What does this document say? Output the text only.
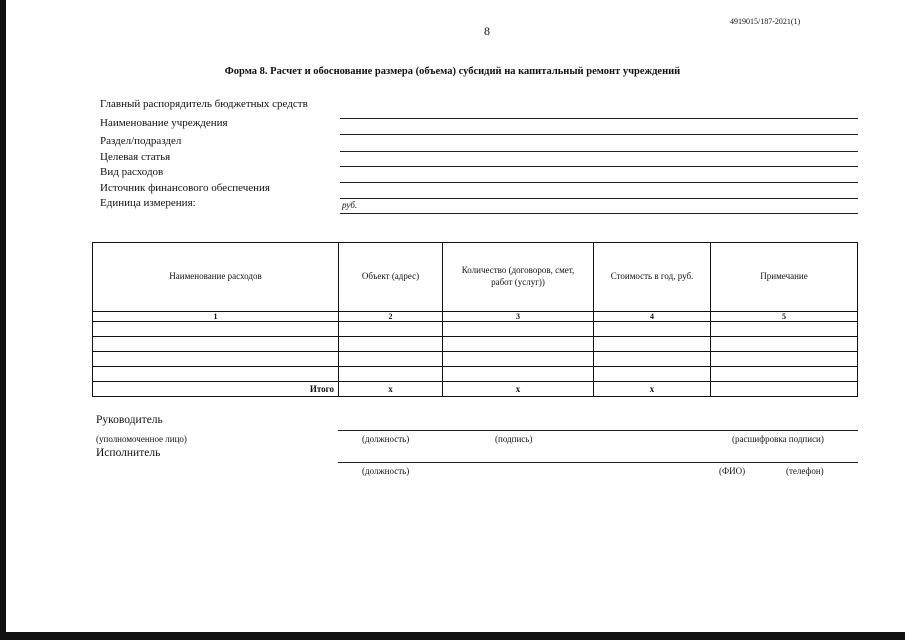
8
4919015/187-2021(1)
Форма 8. Расчет и обоснование размера (объема) субсидий на капитальный ремонт учреждений
Главный распорядитель бюджетных средств
Наименование учреждения
Раздел/подраздел
Целевая статья
Вид расходов
Источник финансового обеспечения
Единица измерения:	руб.
Наименование расходов	Объект (адрес)	Количество (договоров, смет, работ (услуг))	Стоимость в год, руб.	Примечание
1	2	3	4	5

Итого	x	x	x	
Руководитель
(уполномоченное лицо)	(должность)	(подпись)	(расшифровка подписи)
Исполнитель
(должность)	(ФИО)	(телефон)
